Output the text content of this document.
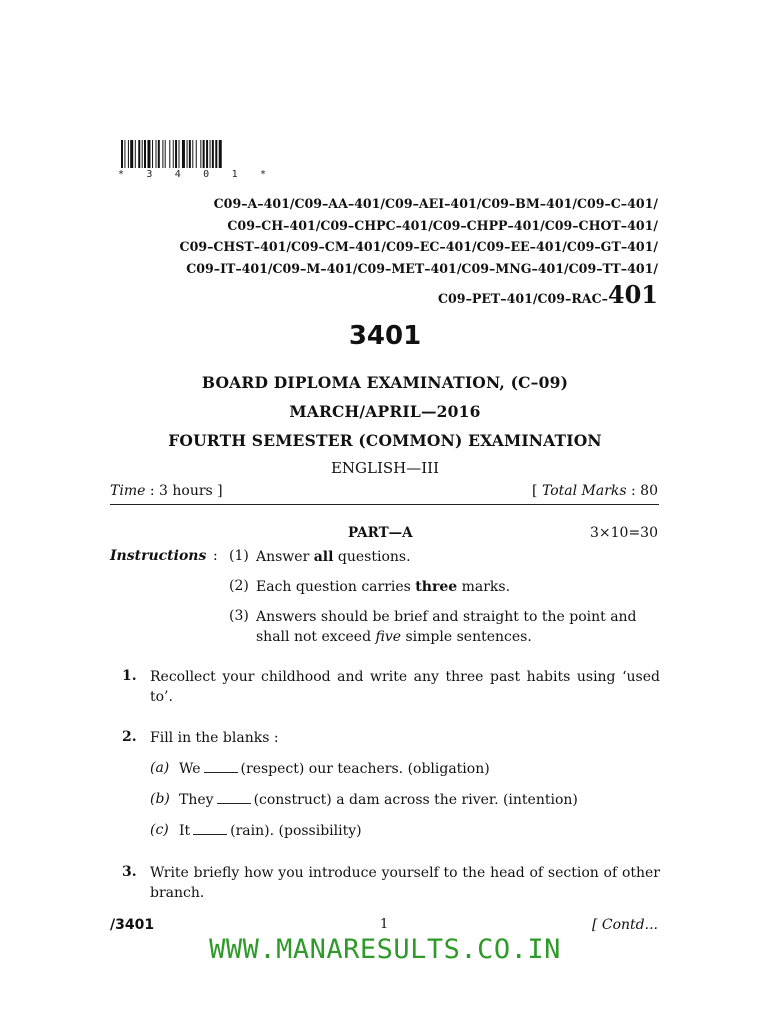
* 3 4 0 1 *
C09–A–401/C09–AA–401/C09–AEI–401/C09–BM–401/C09–C–401/
C09–CH–401/C09–CHPC–401/C09–CHPP–401/C09–CHOT–401/
C09–CHST–401/C09–CM–401/C09–EC–401/C09–EE–401/C09–GT–401/
C09–IT–401/C09–M–401/C09–MET–401/C09–MNG–401/C09–TT–401/
C09–PET–401/C09–RAC–401
3401
BOARD DIPLOMA EXAMINATION, (C–09)
MARCH/APRIL—2016
FOURTH SEMESTER (COMMON) EXAMINATION
ENGLISH—III
Time : 3 hours ]	[ Total Marks : 80
PART—A	3×10=30
Instructions : (1) Answer all questions.
(2) Each question carries three marks.
(3) Answers should be brief and straight to the point and
shall not exceed five simple sentences.
1. Recollect your childhood and write any three past habits using ‘used to’.
2. Fill in the blanks :
(a) We	(respect) our teachers. (obligation)
(b) They	(construct) a dam across the river. (intention)
(c) It	(rain). (possibility)
3. Write briefly how you introduce yourself to the head of section of other branch.
/3401	1	[ Contd...
WWW.MANARESULTS.CO.IN
